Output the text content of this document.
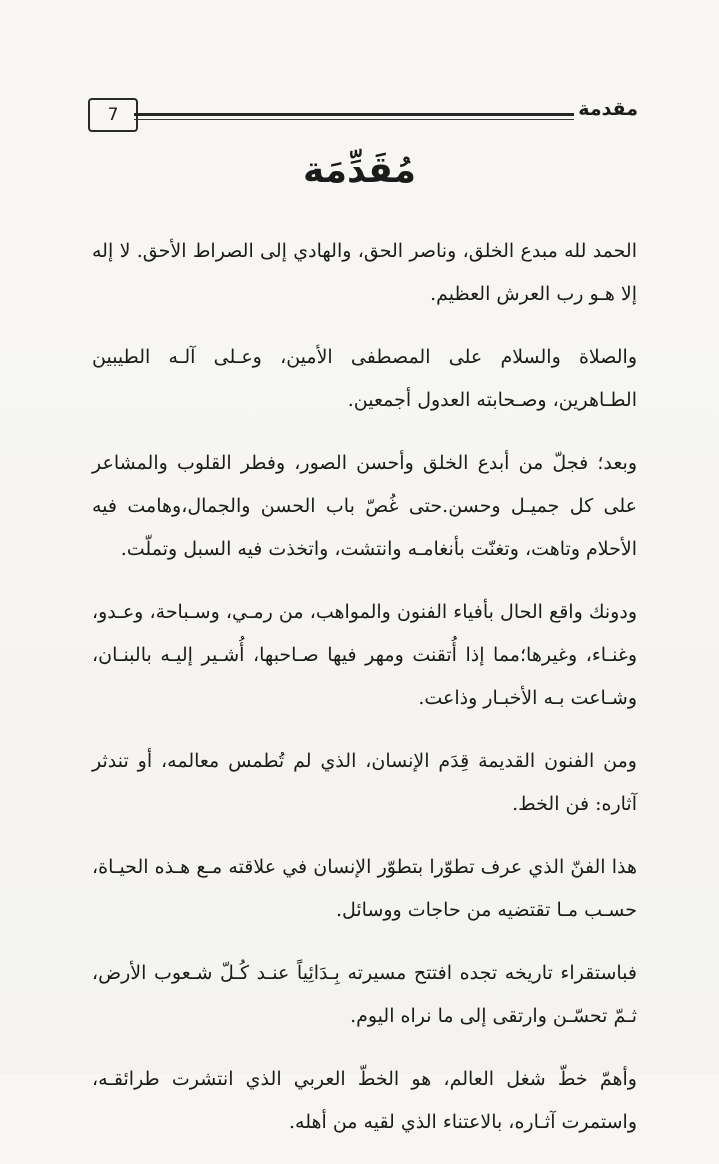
7	مقدمة
مُقَدِّمَة

الحمد لله مبدع الخلق، وناصر الحق، والهادي إلى الصراط الأحق. لا إله إلا هـو رب العرش العظيم.

والصلاة والسلام على المصطفى الأمين، وعـلى آلـه الطيبين الطـاهرين، وصـحابته العدول أجمعين.

وبعد؛ فجلّ من أبدع الخلق وأحسن الصور، وفطر القلوب والمشاعر على كل جميـل وحسن.حتى غُصّ باب الحسن والجمال،وهامت فيه الأحلام وتاهت، وتغنّت بأنغامـه وانتشت، واتخذت فيه السبل وتملّت.

ودونك واقع الحال بأفياء الفنون والمواهب، من رمـي، وسـباحة، وعـدو، وغنـاء، وغيرها؛مما إذا أُتقنت ومهر فيها صـاحبها، أُشـير إليـه بالبنـان، وشـاعت بـه الأخبـار وذاعت.

ومن الفنون القديمة قِدَم الإنسان، الذي لم تُطمس معالمه، أو تندثر آثاره: فن الخط.

هذا الفنّ الذي عرف تطوّرا بتطوّر الإنسان في علاقته مـع هـذه الحيـاة، حسـب مـا تقتضيه من حاجات ووسائل.

فباستقراء تاريخه تجده افتتح مسيرته بِـدَائِياً عنـد كُـلّ شـعوب الأرض، ثـمّ تحسّـن وارتقى إلى ما نراه اليوم.

وأهمّ خطّ شغل العالم، هو الخطّ العربي الذي انتشرت طرائقـه، واستمرت آثـاره، بالاعتناء الذي لقيه من أهله.
